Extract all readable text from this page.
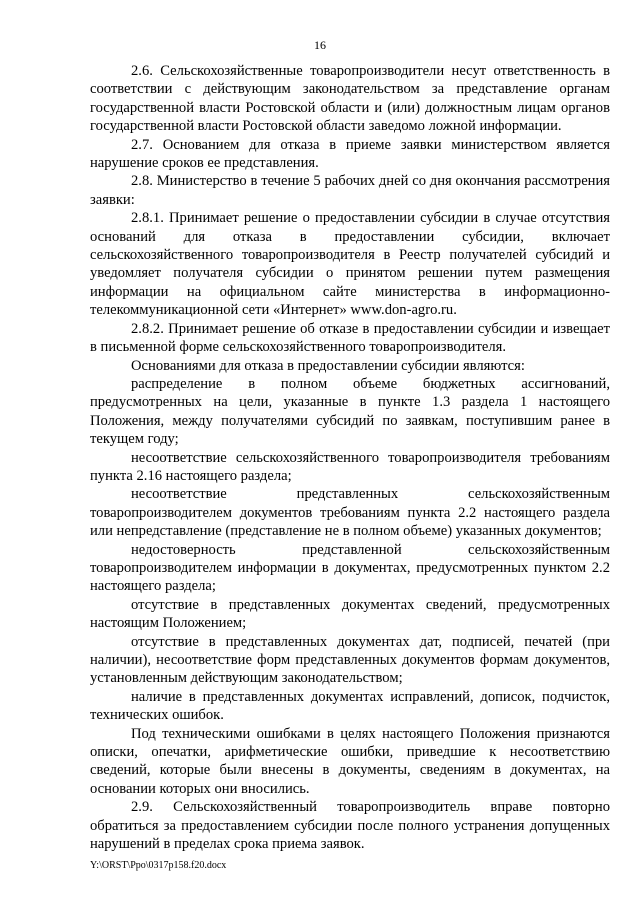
16

2.6. Сельскохозяйственные товаропроизводители несут ответственность в соответствии с действующим законодательством за представление органам государственной власти Ростовской области и (или) должностным лицам органов государственной власти Ростовской области заведомо ложной информации.

2.7. Основанием для отказа в приеме заявки министерством является нарушение сроков ее представления.

2.8. Министерство в течение 5 рабочих дней со дня окончания рассмотрения заявки:

2.8.1. Принимает решение о предоставлении субсидии в случае отсутствия оснований для отказа в предоставлении субсидии, включает сельскохозяйственного товаропроизводителя в Реестр получателей субсидий и уведомляет получателя субсидии о принятом решении путем размещения информации на официальном сайте министерства в информационно-телекоммуникационной сети «Интернет» www.don-agro.ru.

2.8.2. Принимает решение об отказе в предоставлении субсидии и извещает в письменной форме сельскохозяйственного товаропроизводителя.

Основаниями для отказа в предоставлении субсидии являются:

распределение в полном объеме бюджетных ассигнований, предусмотренных на цели, указанные в пункте 1.3 раздела 1 настоящего Положения, между получателями субсидий по заявкам, поступившим ранее в текущем году;

несоответствие сельскохозяйственного товаропроизводителя требованиям пункта 2.16 настоящего раздела;

несоответствие представленных сельскохозяйственным товаропроизводителем документов требованиям пункта 2.2 настоящего раздела или непредставление (представление не в полном объеме) указанных документов;

недостоверность представленной сельскохозяйственным товаропроизводителем информации в документах, предусмотренных пунктом 2.2 настоящего раздела;

отсутствие в представленных документах сведений, предусмотренных настоящим Положением;

отсутствие в представленных документах дат, подписей, печатей (при наличии), несоответствие форм представленных документов формам документов, установленным действующим законодательством;

наличие в представленных документах исправлений, дописок, подчисток, технических ошибок.

Под техническими ошибками в целях настоящего Положения признаются описки, опечатки, арифметические ошибки, приведшие к несоответствию сведений, которые были внесены в документы, сведениям в документах, на основании которых они вносились.

2.9. Сельскохозяйственный товаропроизводитель вправе повторно обратиться за предоставлением субсидии после полного устранения допущенных нарушений в пределах срока приема заявок.

Y:\ORST\Ppo\0317p158.f20.docx
